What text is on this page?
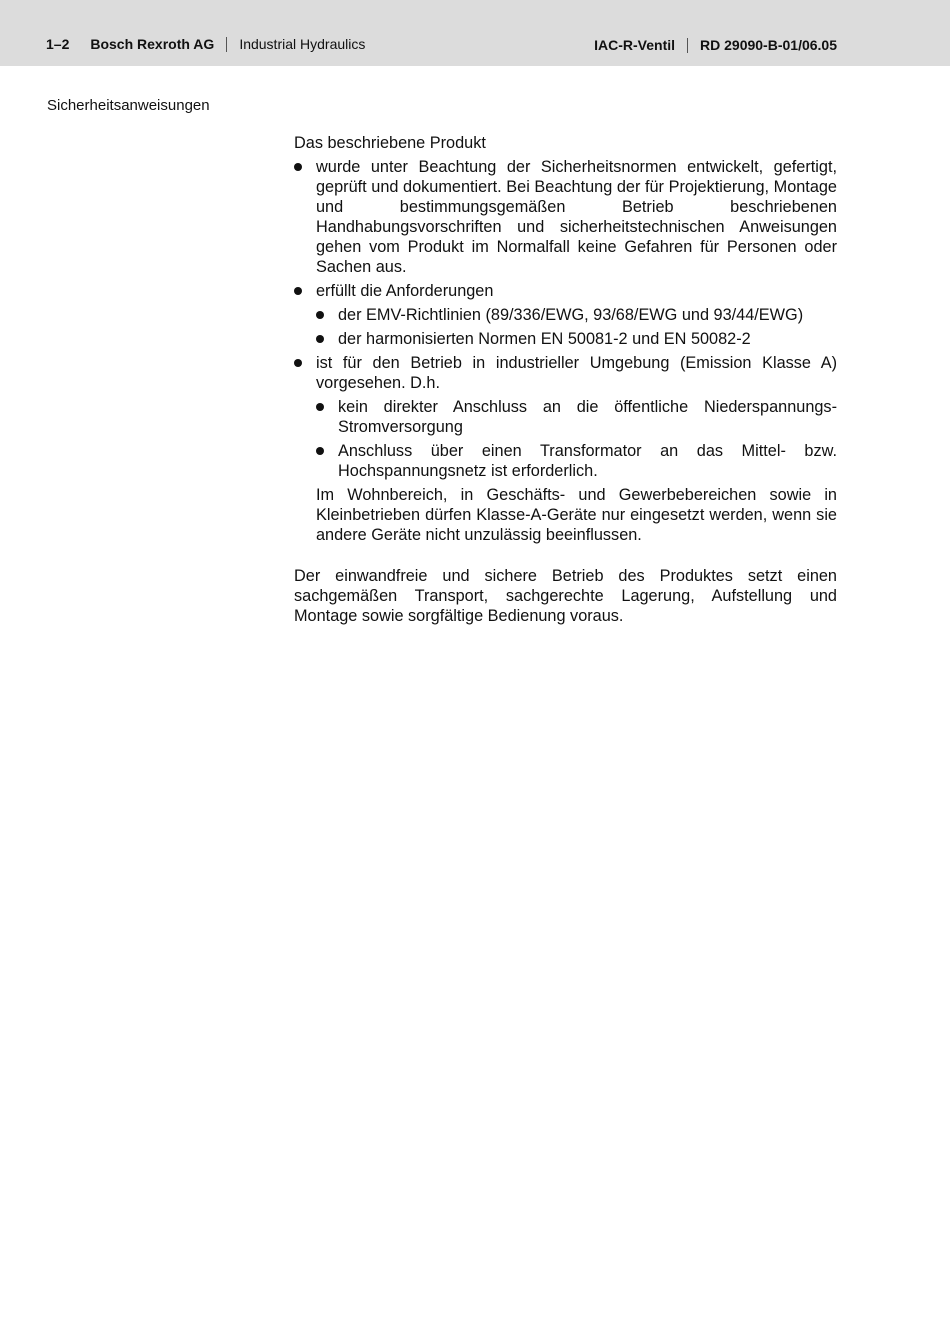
1–2 Bosch Rexroth AG Industrial Hydraulics	IAC-R-Ventil RD 29090-B-01/06.05
Sicherheitsanweisungen

Das beschriebene Produkt

wurde unter Beachtung der Sicherheitsnormen entwickelt, gefertigt, geprüft und dokumentiert. Bei Beachtung der für Projektierung, Montage und bestimmungsgemäßen Betrieb beschriebenen Handhabungsvorschriften und sicherheitstechnischen Anweisungen gehen vom Produkt im Normalfall keine Gefahren für Personen oder Sachen aus.
erfüllt die Anforderungen
der EMV-Richtlinien (89/336/EWG, 93/68/EWG und 93/44/EWG)
der harmonisierten Normen EN 50081-2 und EN 50082-2
ist für den Betrieb in industrieller Umgebung (Emission Klasse A) vorgesehen. D.h.
kein direkter Anschluss an die öffentliche Niederspannungs-Stromversorgung
Anschluss über einen Transformator an das Mittel- bzw. Hochspannungsnetz ist erforderlich.

Im Wohnbereich, in Geschäfts- und Gewerbebereichen sowie in Kleinbetrieben dürfen Klasse-A-Geräte nur eingesetzt werden, wenn sie andere Geräte nicht unzulässig beeinflussen.

Der einwandfreie und sichere Betrieb des Produktes setzt einen sachgemäßen Transport, sachgerechte Lagerung, Aufstellung und Montage sowie sorgfältige Bedienung voraus.
